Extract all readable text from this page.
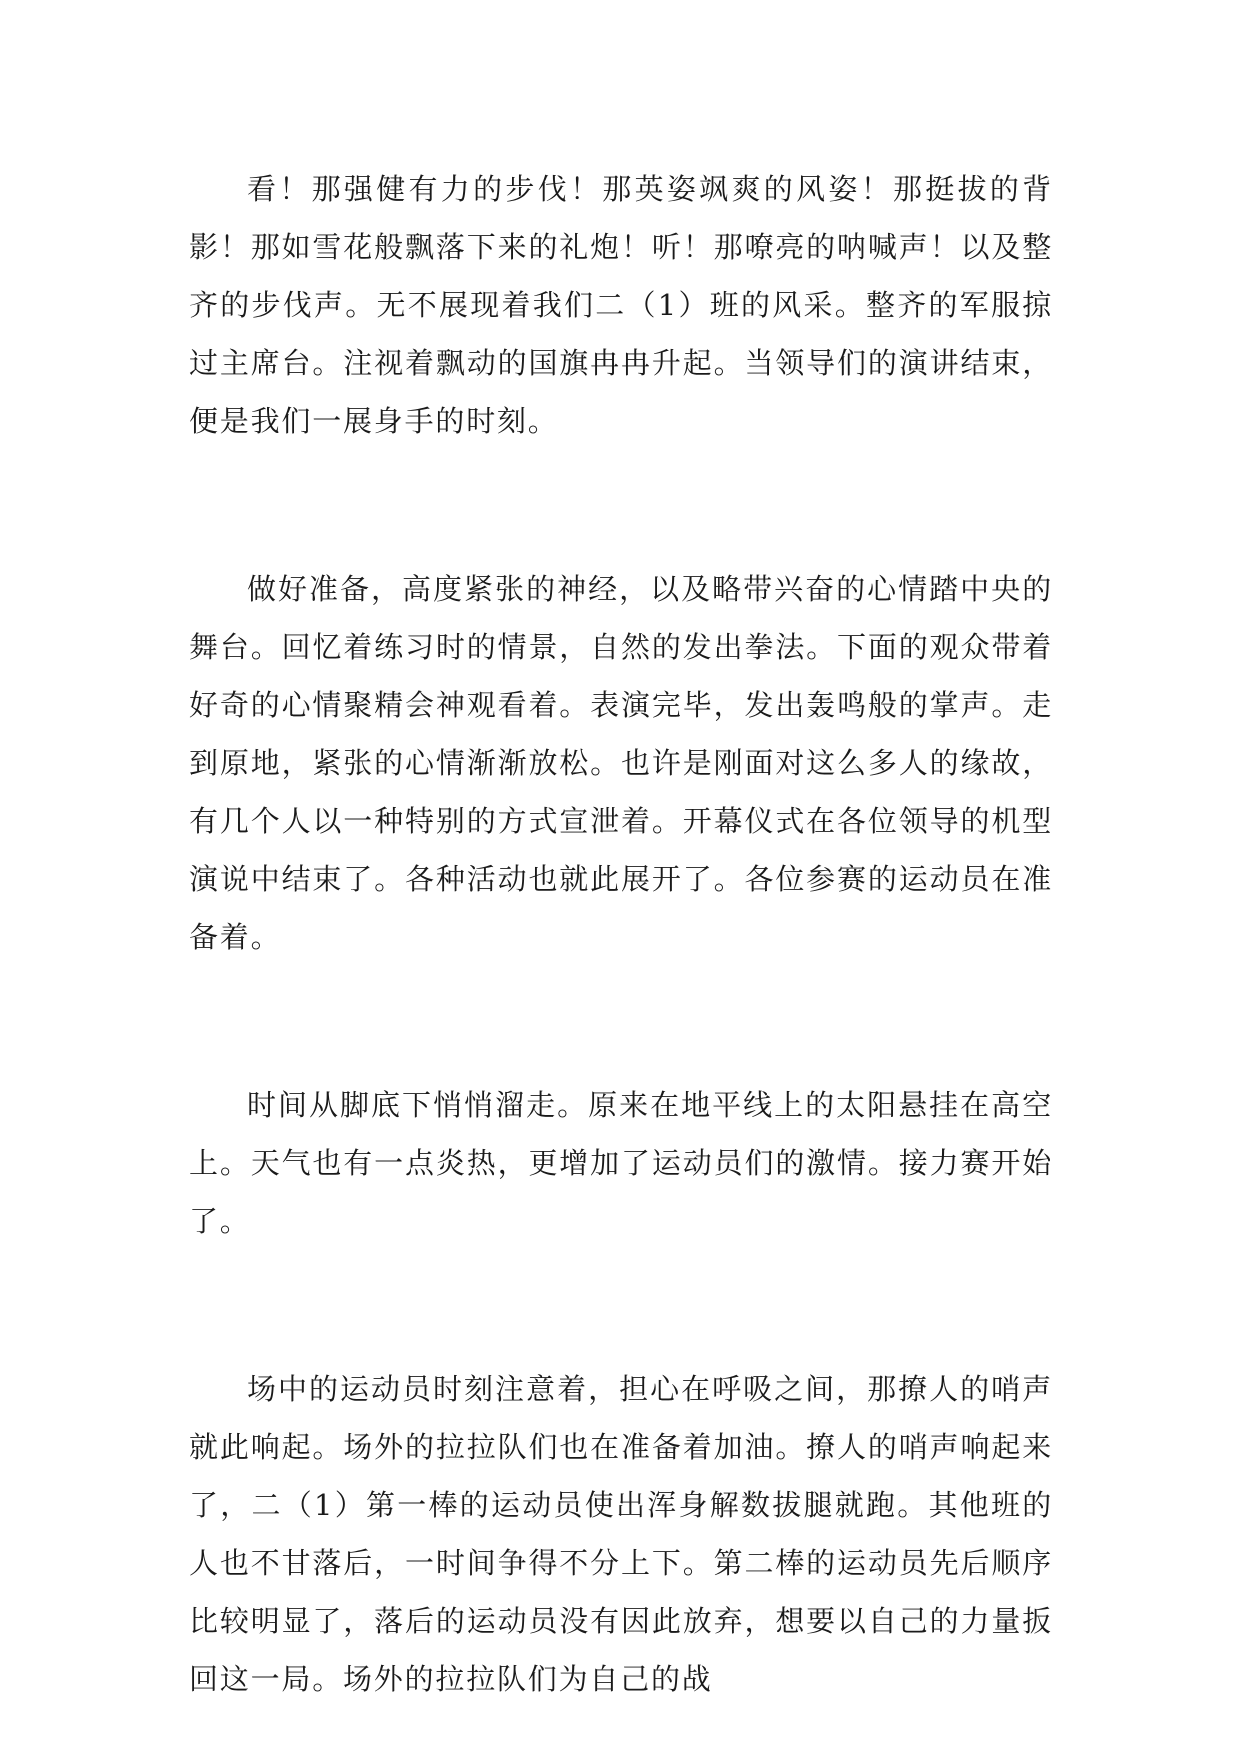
看！那强健有力的步伐！那英姿飒爽的风姿！那挺拔的背影！那如雪花般飘落下来的礼炮！听！那嘹亮的呐喊声！以及整齐的步伐声。无不展现着我们二（1）班的风采。整齐的军服掠过主席台。注视着飘动的国旗冉冉升起。当领导们的演讲结束，便是我们一展身手的时刻。

做好准备，高度紧张的神经，以及略带兴奋的心情踏中央的舞台。回忆着练习时的情景，自然的发出拳法。下面的观众带着好奇的心情聚精会神观看着。表演完毕，发出轰鸣般的掌声。走到原地，紧张的心情渐渐放松。也许是刚面对这么多人的缘故，有几个人以一种特别的方式宣泄着。开幕仪式在各位领导的机型演说中结束了。各种活动也就此展开了。各位参赛的运动员在准备着。

时间从脚底下悄悄溜走。原来在地平线上的太阳悬挂在高空上。天气也有一点炎热，更增加了运动员们的激情。接力赛开始了。

场中的运动员时刻注意着，担心在呼吸之间，那撩人的哨声就此响起。场外的拉拉队们也在准备着加油。撩人的哨声响起来了，二（1）第一棒的运动员使出浑身解数拔腿就跑。其他班的人也不甘落后，一时间争得不分上下。第二棒的运动员先后顺序比较明显了，落后的运动员没有因此放弃，想要以自己的力量扳回这一局。场外的拉拉队们为自己的战
